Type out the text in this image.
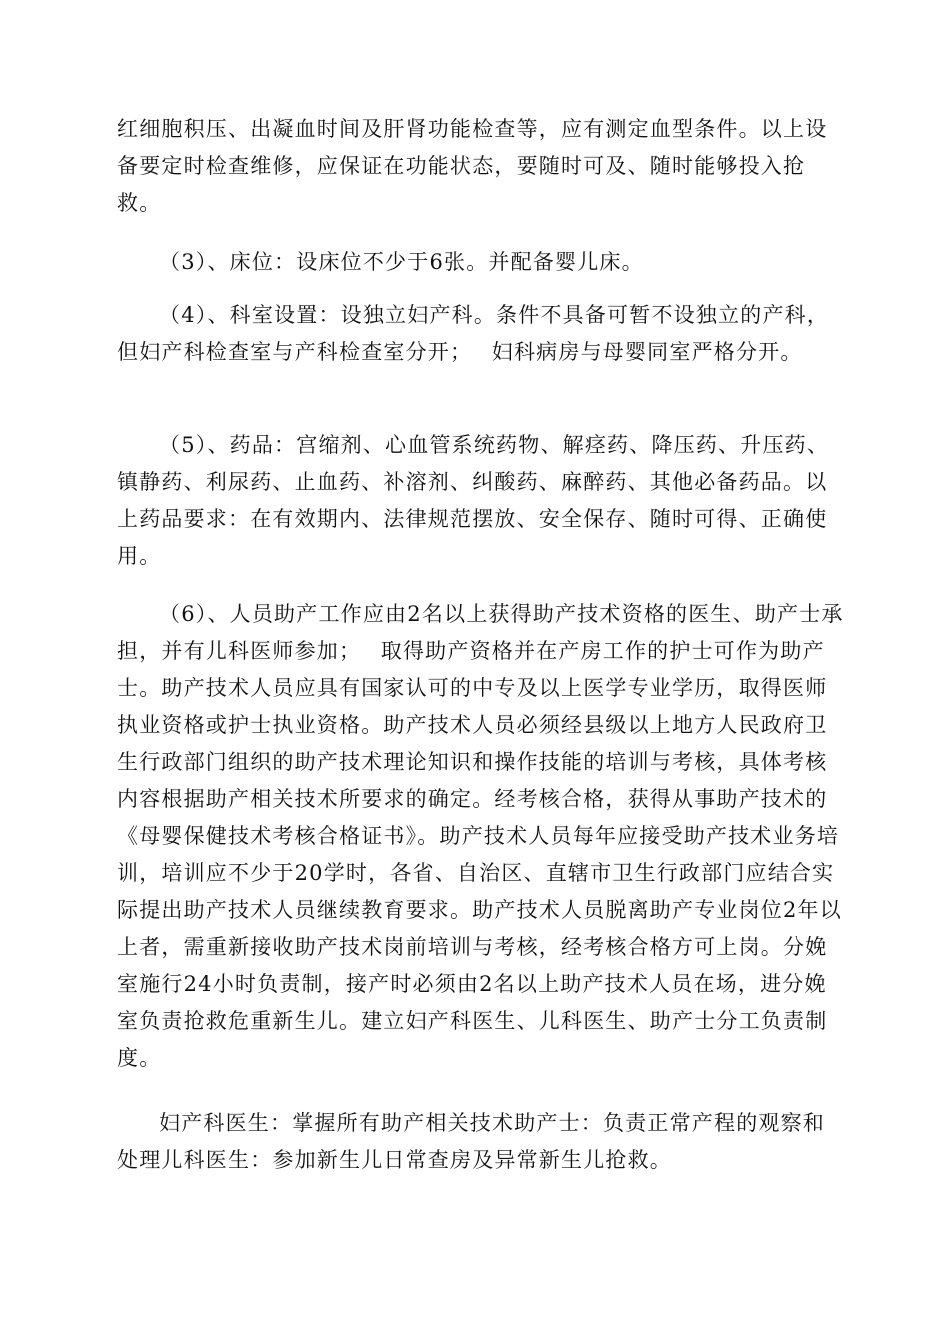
红细胞积压、出凝血时间及肝肾功能检查等，应有测定血型条件。以上设备要定时检查维修，应保证在功能状态，要随时可及、随时能够投入抢救。

（3）、床位：设床位不少于6张。并配备婴儿床。

（4）、科室设置：设独立妇产科。条件不具备可暂不设独立的产科，但妇产科检查室与产科检查室分开；　 妇科病房与母婴同室严格分开。

（5）、药品：宫缩剂、心血管系统药物、解痉药、降压药、升压药、镇静药、利尿药、止血药、补溶剂、纠酸药、麻醉药、其他必备药品。以上药品要求：在有效期内、法律规范摆放、安全保存、随时可得、正确使用。

（6）、人员助产工作应由2名以上获得助产技术资格的医生、助产士承担，并有儿科医师参加；　 取得助产资格并在产房工作的护士可作为助产士。助产技术人员应具有国家认可的中专及以上医学专业学历，取得医师执业资格或护士执业资格。助产技术人员必须经县级以上地方人民政府卫生行政部门组织的助产技术理论知识和操作技能的培训与考核，具体考核内容根据助产相关技术所要求的确定。经考核合格，获得从事助产技术的《母婴保健技术考核合格证书》。助产技术人员每年应接受助产技术业务培训，培训应不少于20学时，各省、自治区、直辖市卫生行政部门应结合实际提出助产技术人员继续教育要求。助产技术人员脱离助产专业岗位2年以上者，需重新接收助产技术岗前培训与考核，经考核合格方可上岗。分娩室施行24小时负责制，接产时必须由2名以上助产技术人员在场，进分娩室负责抢救危重新生儿。建立妇产科医生、儿科医生、助产士分工负责制度。

妇产科医生：掌握所有助产相关技术助产士：负责正常产程的观察和处理儿科医生：参加新生儿日常查房及异常新生儿抢救。
